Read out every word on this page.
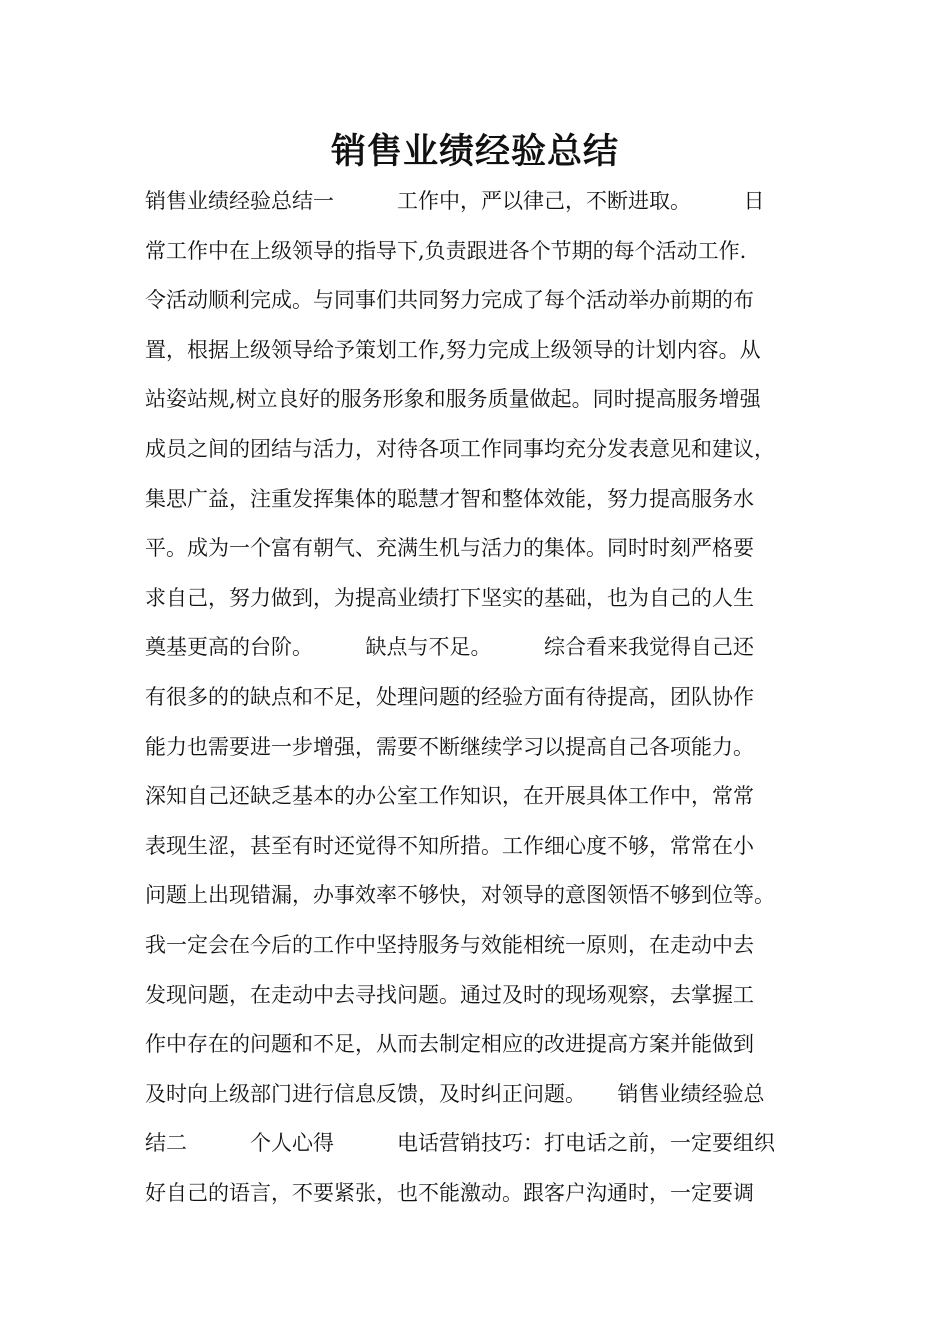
销售业绩经验总结
销售业绩经验总结一　　　工作中，严以律己，不断进取。　　　日
常工作中在上级领导的指导下,负责跟进各个节期的每个活动工作.
令活动顺利完成。与同事们共同努力完成了每个活动举办前期的布
置，根据上级领导给予策划工作,努力完成上级领导的计划内容。从
站姿站规,树立良好的服务形象和服务质量做起。同时提高服务增强
成员之间的团结与活力，对待各项工作同事均充分发表意见和建议，
集思广益，注重发挥集体的聪慧才智和整体效能，努力提高服务水
平。成为一个富有朝气、充满生机与活力的集体。同时时刻严格要
求自己，努力做到，为提高业绩打下坚实的基础，也为自己的人生
奠基更高的台阶。　　　缺点与不足。　　　综合看来我觉得自己还
有很多的的缺点和不足，处理问题的经验方面有待提高，团队协作
能力也需要进一步增强，需要不断继续学习以提高自己各项能力。
深知自己还缺乏基本的办公室工作知识，在开展具体工作中，常常
表现生涩，甚至有时还觉得不知所措。工作细心度不够，常常在小
问题上出现错漏，办事效率不够快，对领导的意图领悟不够到位等。
我一定会在今后的工作中坚持服务与效能相统一原则，在走动中去
发现问题，在走动中去寻找问题。通过及时的现场观察，去掌握工
作中存在的问题和不足，从而去制定相应的改进提高方案并能做到
及时向上级部门进行信息反馈，及时纠正问题。　　销售业绩经验总
结二　　　个人心得　　　电话营销技巧：打电话之前，一定要组织
好自己的语言，不要紧张，也不能激动。跟客户沟通时，一定要调
